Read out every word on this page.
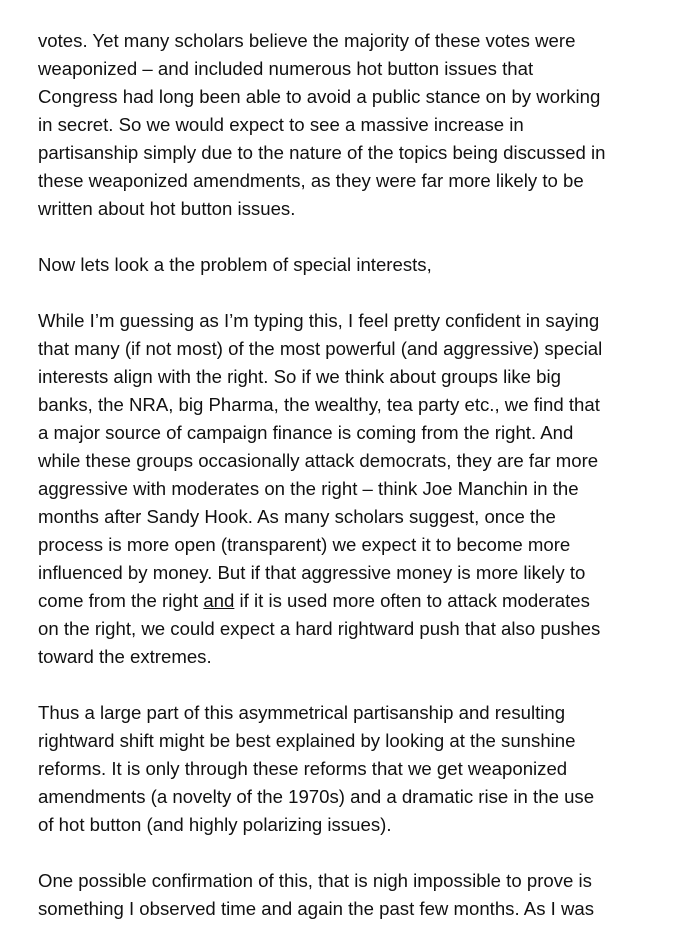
votes. Yet many scholars believe the majority of these votes were
weaponized – and included numerous hot button issues that
Congress had long been able to avoid a public stance on by working
in secret. So we would expect to see a massive increase in
partisanship simply due to the nature of the topics being discussed in
these weaponized amendments, as they were far more likely to be
written about hot button issues.

Now lets look a the problem of special interests,

While I’m guessing as I’m typing this, I feel pretty confident in saying
that many (if not most) of the most powerful (and aggressive) special
interests align with the right. So if we think about groups like big
banks, the NRA, big Pharma, the wealthy, tea party etc., we find that
a major source of campaign finance is coming from the right. And
while these groups occasionally attack democrats, they are far more
aggressive with moderates on the right – think Joe Manchin in the
months after Sandy Hook. As many scholars suggest, once the
process is more open (transparent) we expect it to become more
influenced by money. But if that aggressive money is more likely to
come from the right and if it is used more often to attack moderates
on the right, we could expect a hard rightward push that also pushes
toward the extremes.

Thus a large part of this asymmetrical partisanship and resulting
rightward shift might be best explained by looking at the sunshine
reforms. It is only through these reforms that we get weaponized
amendments (a novelty of the 1970s) and a dramatic rise in the use
of hot button (and highly polarizing issues).

One possible confirmation of this, that is nigh impossible to prove is
something I observed time and again the past few months. As I was
